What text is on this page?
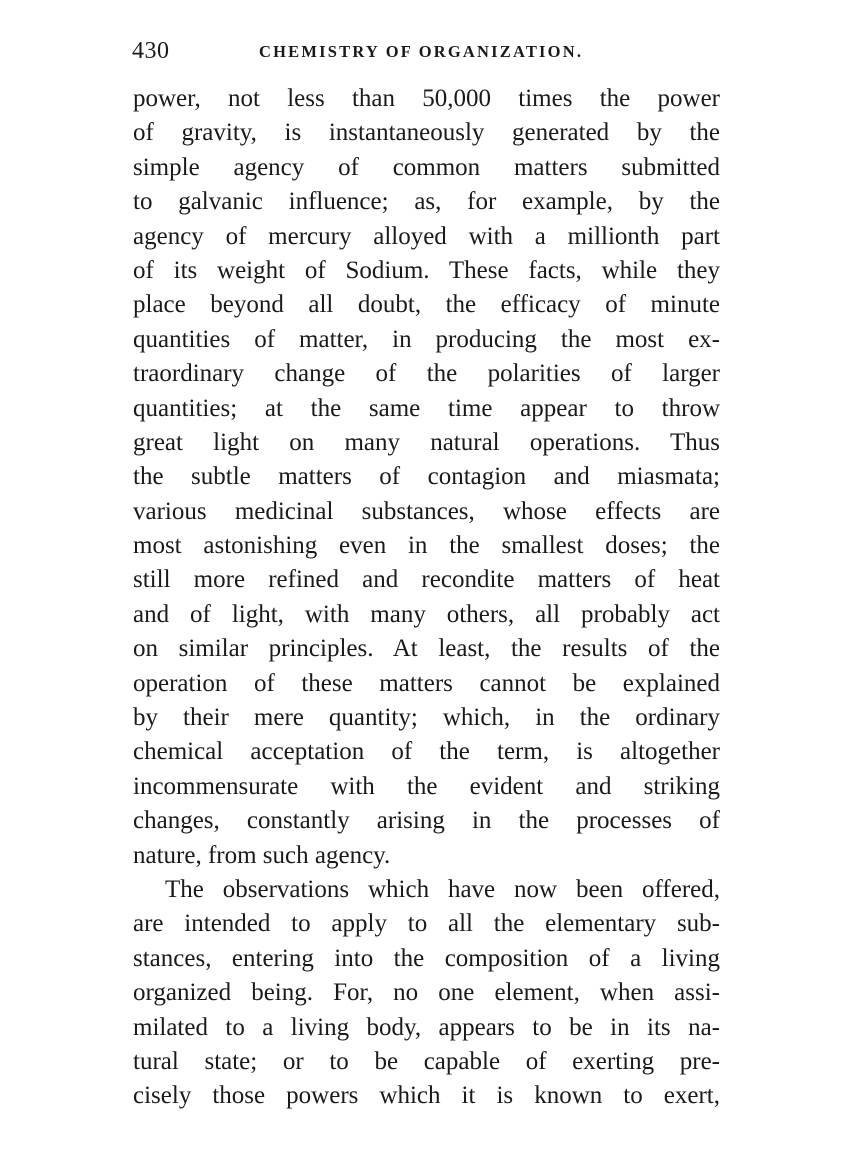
430	CHEMISTRY OF ORGANIZATION.
power, not less than 50,000 times the power
of gravity, is instantaneously generated by the
simple agency of common matters submitted
to galvanic influence; as, for example, by the
agency of mercury alloyed with a millionth part
of its weight of Sodium. These facts, while they
place beyond all doubt, the efficacy of minute
quantities of matter, in producing the most ex-
traordinary change of the polarities of larger
quantities; at the same time appear to throw
great light on many natural operations. Thus
the subtle matters of contagion and miasmata;
various medicinal substances, whose effects are
most astonishing even in the smallest doses; the
still more refined and recondite matters of heat
and of light, with many others, all probably act
on similar principles. At least, the results of the
operation of these matters cannot be explained
by their mere quantity; which, in the ordinary
chemical acceptation of the term, is altogether
incommensurate with the evident and striking
changes, constantly arising in the processes of
nature, from such agency.
The observations which have now been offered,
are intended to apply to all the elementary sub-
stances, entering into the composition of a living
organized being. For, no one element, when assi-
milated to a living body, appears to be in its na-
tural state; or to be capable of exerting pre-
cisely those powers which it is known to exert,
